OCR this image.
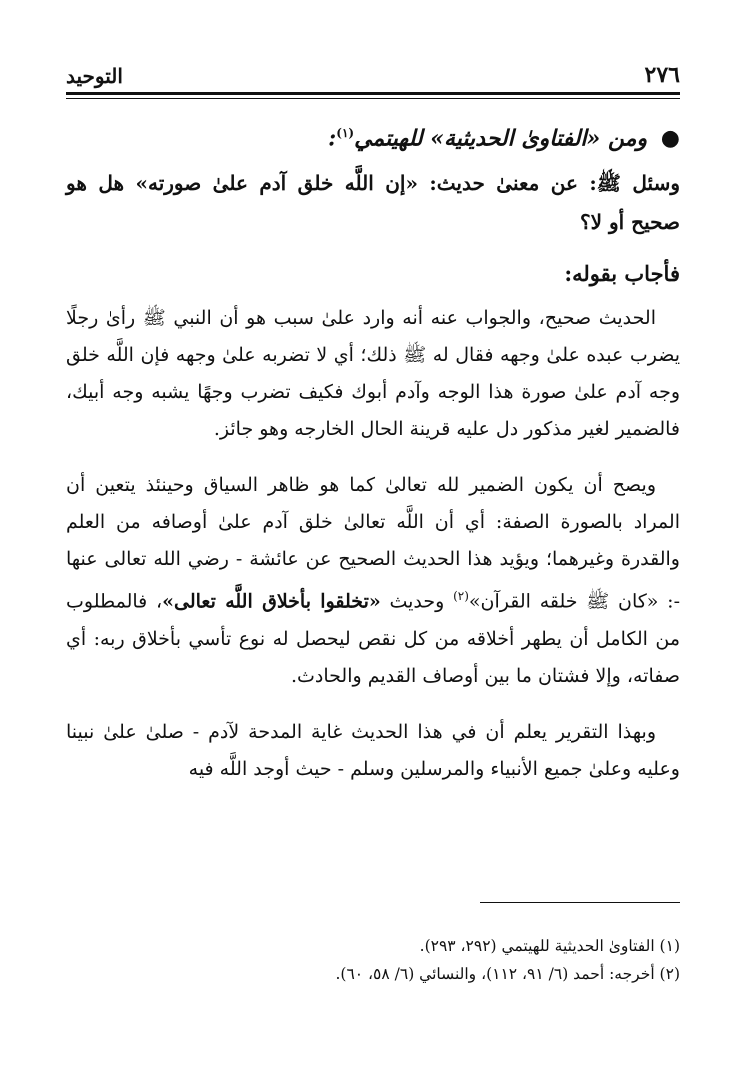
٢٧٦
التوحيد
● ومن «الفتاوىٰ الحديثية» للهيتمي$^{(١)}$:
وسئل ﷺ: عن معنىٰ حديث: «إن اللَّه خلق آدم علىٰ صورته» هل هو صحيح أو لا؟
فأجاب بقوله:

الحديث صحيح، والجواب عنه أنه وارد علىٰ سبب هو أن النبي ﷺ رأىٰ رجلًا يضرب عبده علىٰ وجهه فقال له ﷺ ذلك؛ أي لا تضربه علىٰ وجهه فإن اللَّه خلق وجه آدم علىٰ صورة هذا الوجه وآدم أبوك فكيف تضرب وجهًا يشبه وجه أبيك، فالضمير لغير مذكور دل عليه قرينة الحال الخارجه وهو جائز.

ويصح أن يكون الضمير لله تعالىٰ كما هو ظاهر السياق وحينئذ يتعين أن المراد بالصورة الصفة: أي أن اللَّه تعالىٰ خلق آدم علىٰ أوصافه من العلم والقدرة وغيرهما؛ ويؤيد هذا الحديث الصحيح عن عائشة - رضي الله تعالى عنها -: «كان ﷺ خلقه القرآن»$^{(٢)}$ وحديث «تخلقوا بأخلاق اللَّه تعالى»، فالمطلوب من الكامل أن يطهر أخلاقه من كل نقص ليحصل له نوع تأسي بأخلاق ربه: أي صفاته، وإلا فشتان ما بين أوصاف القديم والحادث.

وبهذا التقرير يعلم أن في هذا الحديث غاية المدحة لآدم - صلىٰ علىٰ نبينا وعليه وعلىٰ جميع الأنبياء والمرسلين وسلم - حيث أوجد اللَّه فيه

(١) الفتاوىٰ الحديثية للهيتمي (٢٩٢، ٢٩٣).
(٢) أخرجه: أحمد (٦/ ٩١، ١١٢)، والنسائي (٦/ ٥٨، ٦٠).
